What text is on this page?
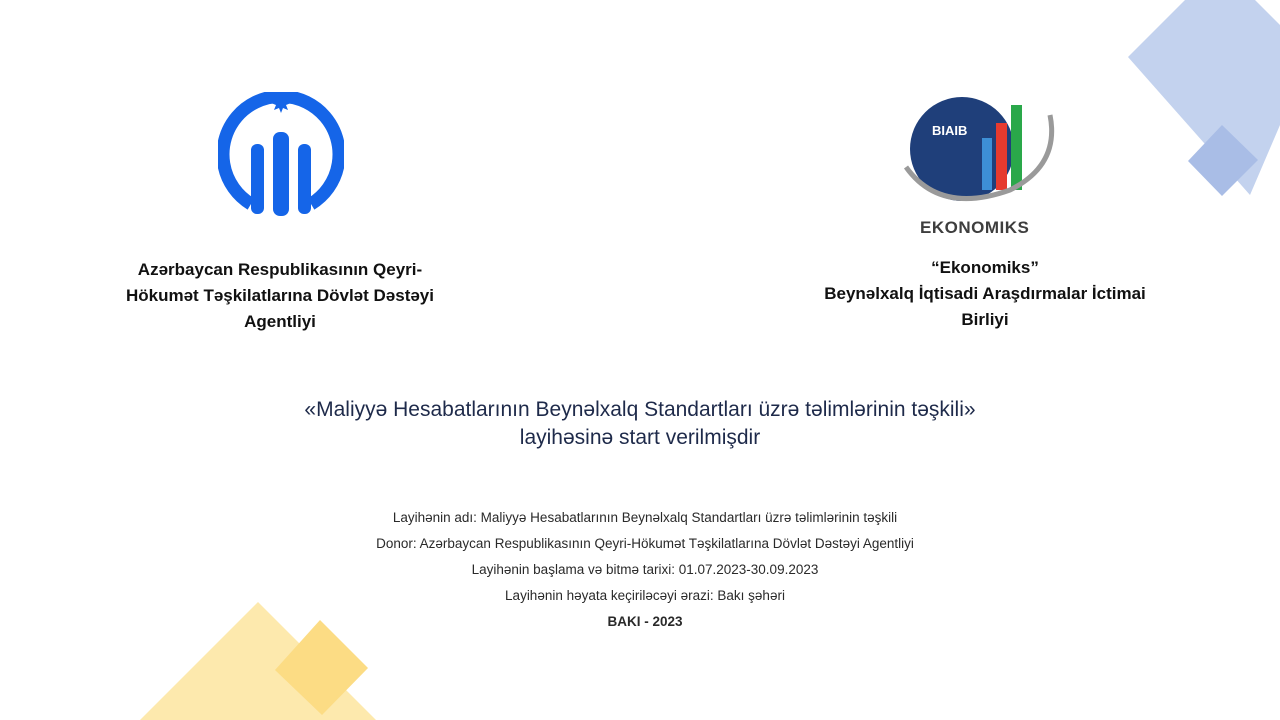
BIAIB
EKONOMIKS
Azərbaycan Respublikasının Qeyri-
Hökumət Təşkilatlarına Dövlət Dəstəyi
Agentliyi
“Ekonomiks”
Beynəlxalq İqtisadi Araşdırmalar İctimai
Birliyi
«Maliyyə Hesabatlarının Beynəlxalq Standartları üzrə təlimlərinin təşkili»
layihəsinə start verilmişdir
Layihənin adı: Maliyyə Hesabatlarının Beynəlxalq Standartları üzrə təlimlərinin təşkili
Donor: Azərbaycan Respublikasının Qeyri-Hökumət Təşkilatlarına Dövlət Dəstəyi Agentliyi
Layihənin başlama və bitmə tarixi: 01.07.2023-30.09.2023
Layihənin həyata keçiriləcəyi ərazi: Bakı şəhəri
BAKI - 2023
